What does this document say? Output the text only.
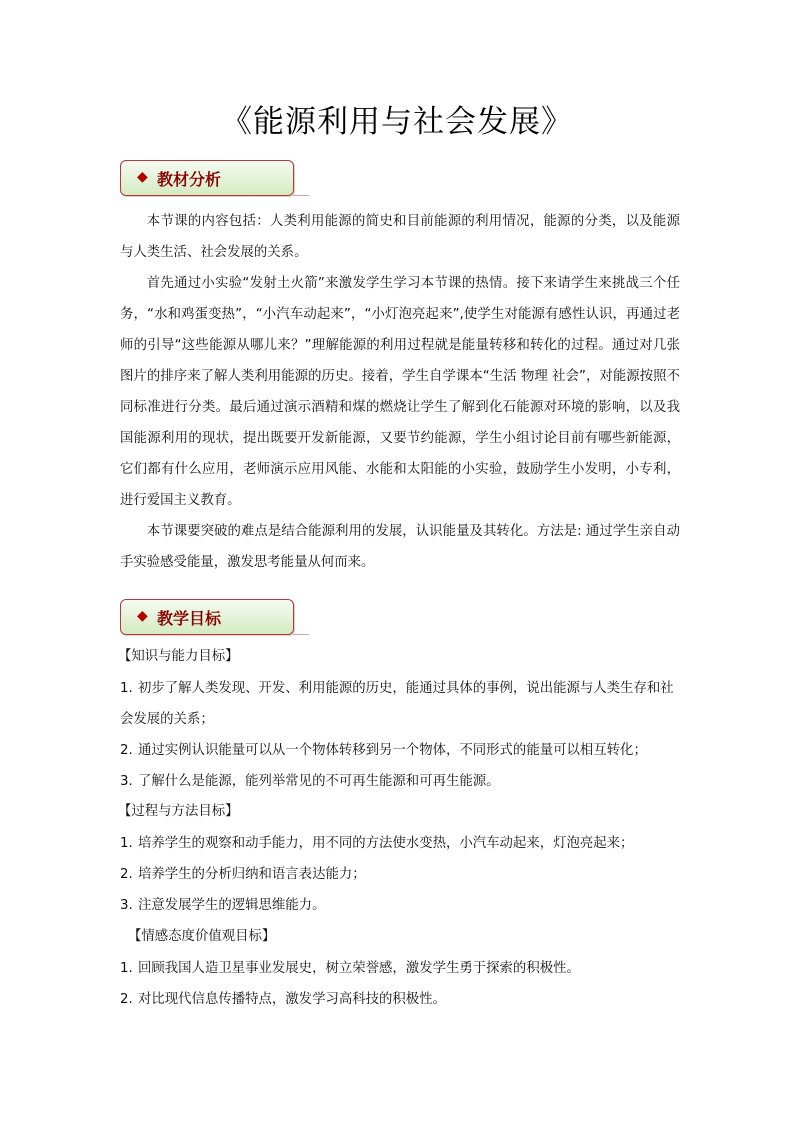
《能源利用与社会发展》
◆ 教材分析

本节课的内容包括：人类利用能源的简史和目前能源的利用情况，能源的分类，以及能源与人类生活、社会发展的关系。

首先通过小实验“发射土火箭”来激发学生学习本节课的热情。接下来请学生来挑战三个任务，“水和鸡蛋变热”，“小汽车动起来”，“小灯泡亮起来”,使学生对能源有感性认识，再通过老师的引导“这些能源从哪儿来？”理解能源的利用过程就是能量转移和转化的过程。通过对几张图片的排序来了解人类利用能源的历史。接着，学生自学课本“生活 物理 社会”，对能源按照不同标准进行分类。最后通过演示酒精和煤的燃烧让学生了解到化石能源对环境的影响，以及我国能源利用的现状，提出既要开发新能源，又要节约能源，学生小组讨论目前有哪些新能源，它们都有什么应用，老师演示应用风能、水能和太阳能的小实验，鼓励学生小发明，小专利，进行爱国主义教育。

本节课要突破的难点是结合能源利用的发展，认识能量及其转化。方法是: 通过学生亲自动手实验感受能量，激发思考能量从何而来。

◆ 教学目标

【知识与能力目标】

1. 初步了解人类发现、开发、利用能源的历史，能通过具体的事例，说出能源与人类生存和社会发展的关系；
2. 通过实例认识能量可以从一个物体转移到另一个物体，不同形式的能量可以相互转化；
3. 了解什么是能源，能列举常见的不可再生能源和可再生能源。

【过程与方法目标】

1. 培养学生的观察和动手能力，用不同的方法使水变热，小汽车动起来，灯泡亮起来；
2. 培养学生的分析归纳和语言表达能力；
3. 注意发展学生的逻辑思维能力。

【情感态度价值观目标】

1. 回顾我国人造卫星事业发展史，树立荣誉感，激发学生勇于探索的积极性。
2. 对比现代信息传播特点，激发学习高科技的积极性。
